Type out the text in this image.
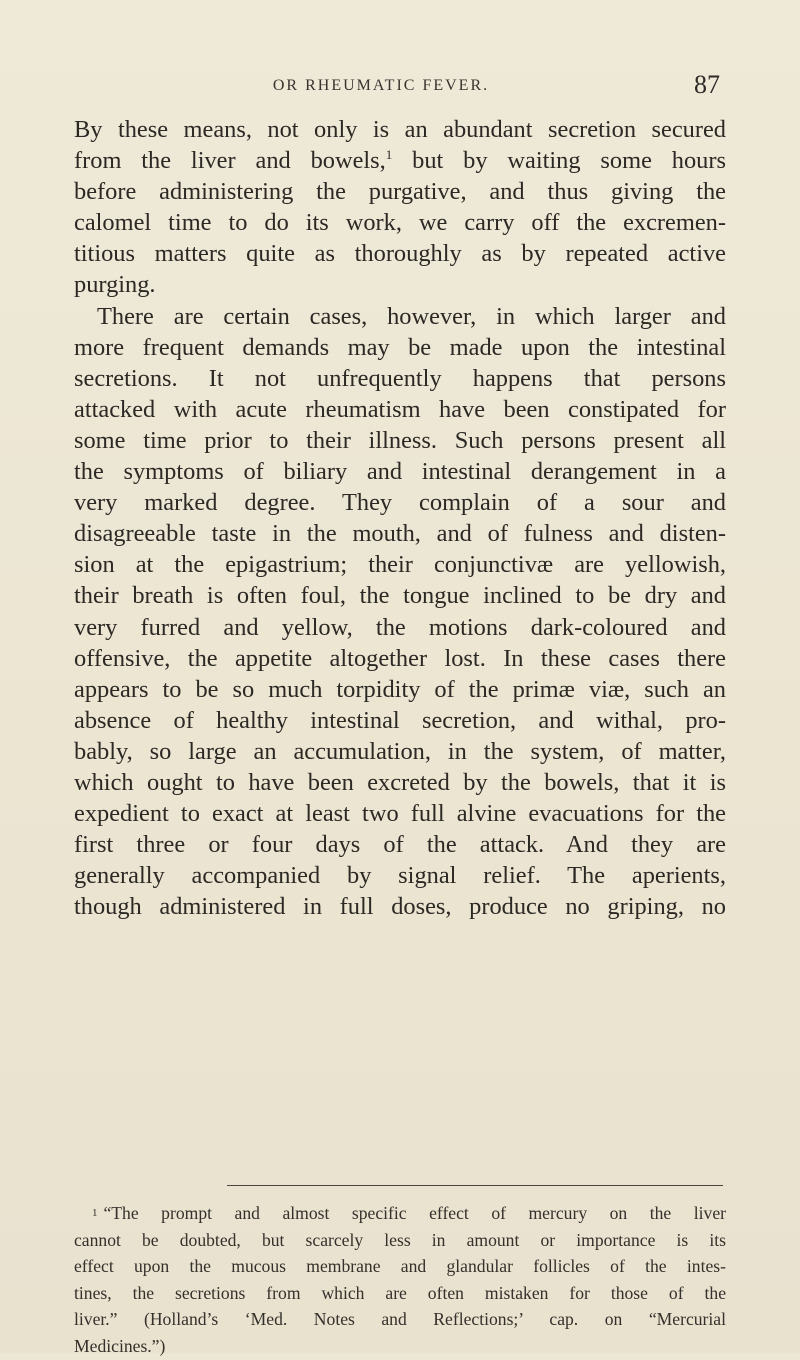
OR RHEUMATIC FEVER.	87
By these means, not only is an abundant secretion secured
from the liver and bowels,$^1$ but by waiting some hours
before administering the purgative, and thus giving the
calomel time to do its work, we carry off the excremen-
titious matters quite as thoroughly as by repeated active
purging.
There are certain cases, however, in which larger and
more frequent demands may be made upon the intestinal
secretions. It not unfrequently happens that persons
attacked with acute rheumatism have been constipated for
some time prior to their illness. Such persons present all
the symptoms of biliary and intestinal derangement in a
very marked degree. They complain of a sour and
disagreeable taste in the mouth, and of fulness and disten-
sion at the epigastrium; their conjunctivæ are yellowish,
their breath is often foul, the tongue inclined to be dry and
very furred and yellow, the motions dark-coloured and
offensive, the appetite altogether lost. In these cases there
appears to be so much torpidity of the primæ viæ, such an
absence of healthy intestinal secretion, and withal, pro-
bably, so large an accumulation, in the system, of matter,
which ought to have been excreted by the bowels, that it is
expedient to exact at least two full alvine evacuations for the
first three or four days of the attack. And they are
generally accompanied by signal relief. The aperients,
though administered in full doses, produce no griping, no
1 “The prompt and almost specific effect of mercury on the liver
cannot be doubted, but scarcely less in amount or importance is its
effect upon the mucous membrane and glandular follicles of the intes-
tines, the secretions from which are often mistaken for those of the
liver.” (Holland’s ‘Med. Notes and Reflections;’ cap. on “Mercurial
Medicines.”)
